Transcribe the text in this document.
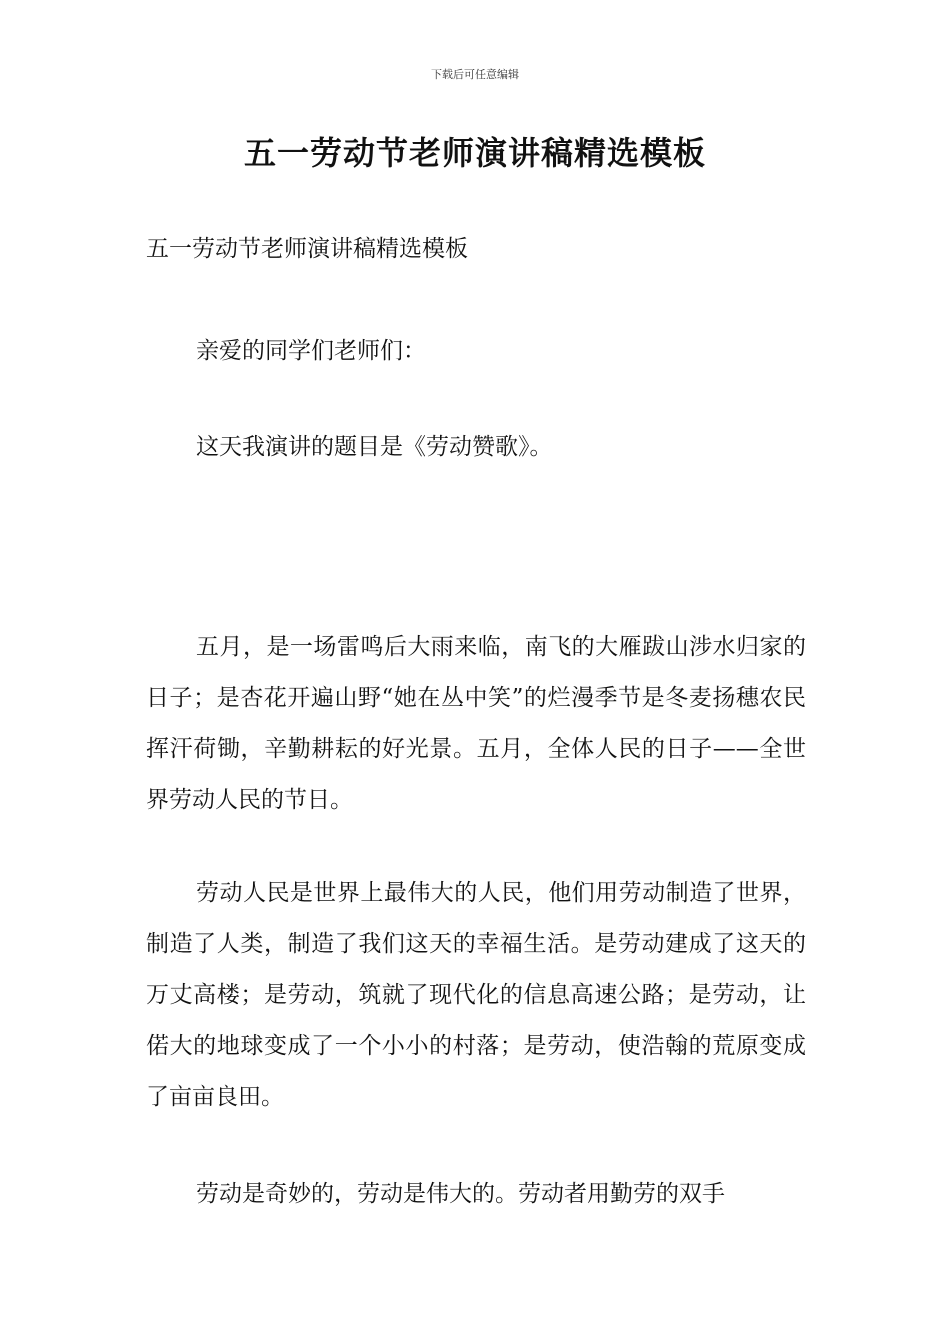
下载后可任意编辑
五一劳动节老师演讲稿精选模板
五一劳动节老师演讲稿精选模板
亲爱的同学们老师们：
这天我演讲的题目是《劳动赞歌》。
五月，是一场雷鸣后大雨来临，南飞的大雁跋山涉水归家的日子；是杏花开遍山野“她在丛中笑”的烂漫季节是冬麦扬穗农民挥汗荷锄，辛勤耕耘的好光景。五月，全体人民的日子——全世界劳动人民的节日。
劳动人民是世界上最伟大的人民，他们用劳动制造了世界，制造了人类，制造了我们这天的幸福生活。是劳动建成了这天的万丈高楼；是劳动，筑就了现代化的信息高速公路；是劳动，让偌大的地球变成了一个小小的村落；是劳动，使浩翰的荒原变成了亩亩良田。
劳动是奇妙的，劳动是伟大的。劳动者用勤劳的双手
